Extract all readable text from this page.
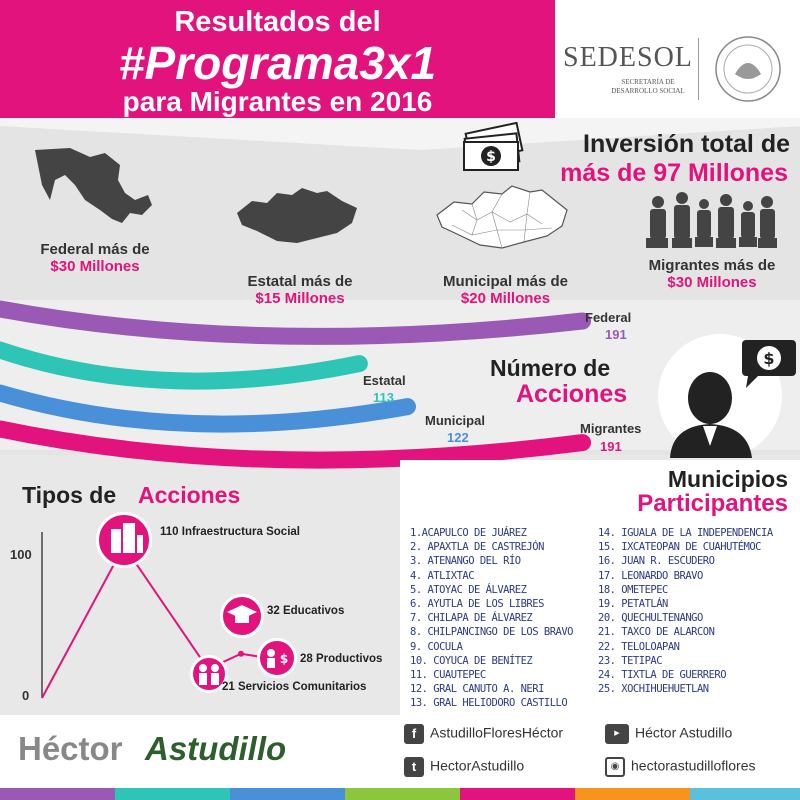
Resultados del
#Programa3x1
para Migrantes en 2016
SEDESOL
SECRETARÍA DE
DESARROLLO SOCIAL
$	Inversión total de
más de 97 Millones
Federal más de
$30 Millones
Estatal más de
$15 Millones
Municipal más de
$20 Millones
Migrantes más de
$30 Millones
Federal
191
Estatal
113
Municipal
122
Migrantes
191
Número de
Acciones
$
Tipos de Acciones
100
0
$
110 Infraestructura Social
32 Educativos
28 Productivos
21 Servicios Comunitarios
Municipios
Participantes
1.ACAPULCO DE JUÁREZ
2. APAXTLA DE CASTREJÓN
3. ATENANGO DEL RÍO
4. ATLIXTAC
5. ATOYAC DE ÁLVAREZ
6. AYUTLA DE LOS LIBRES
7. CHILAPA DE ÁLVAREZ
8. CHILPANCINGO DE LOS BRAVO
9. COCULA
10. COYUCA DE BENÍTEZ
11. CUAUTEPEC
12. GRAL CANUTO A. NERI
13. GRAL HELIODORO CASTILLO
14. IGUALA DE LA INDEPENDENCIA
15. IXCATEOPAN DE CUAHUTÉMOC
16. JUAN R. ESCUDERO
17. LEONARDO BRAVO
18. OMETEPEC
19. PETATLÁN
20. QUECHULTENANGO
21. TAXCO DE ALARCON
22. TELOLOAPAN
23. TETIPAC
24. TIXTLA DE GUERRERO
25. XOCHIHUEHUETLAN
Héctor Astudillo	f AstudilloFloresHéctor	▶ Héctor Astudillo
t HectorAstudillo	◉ hectorastudilloflores
